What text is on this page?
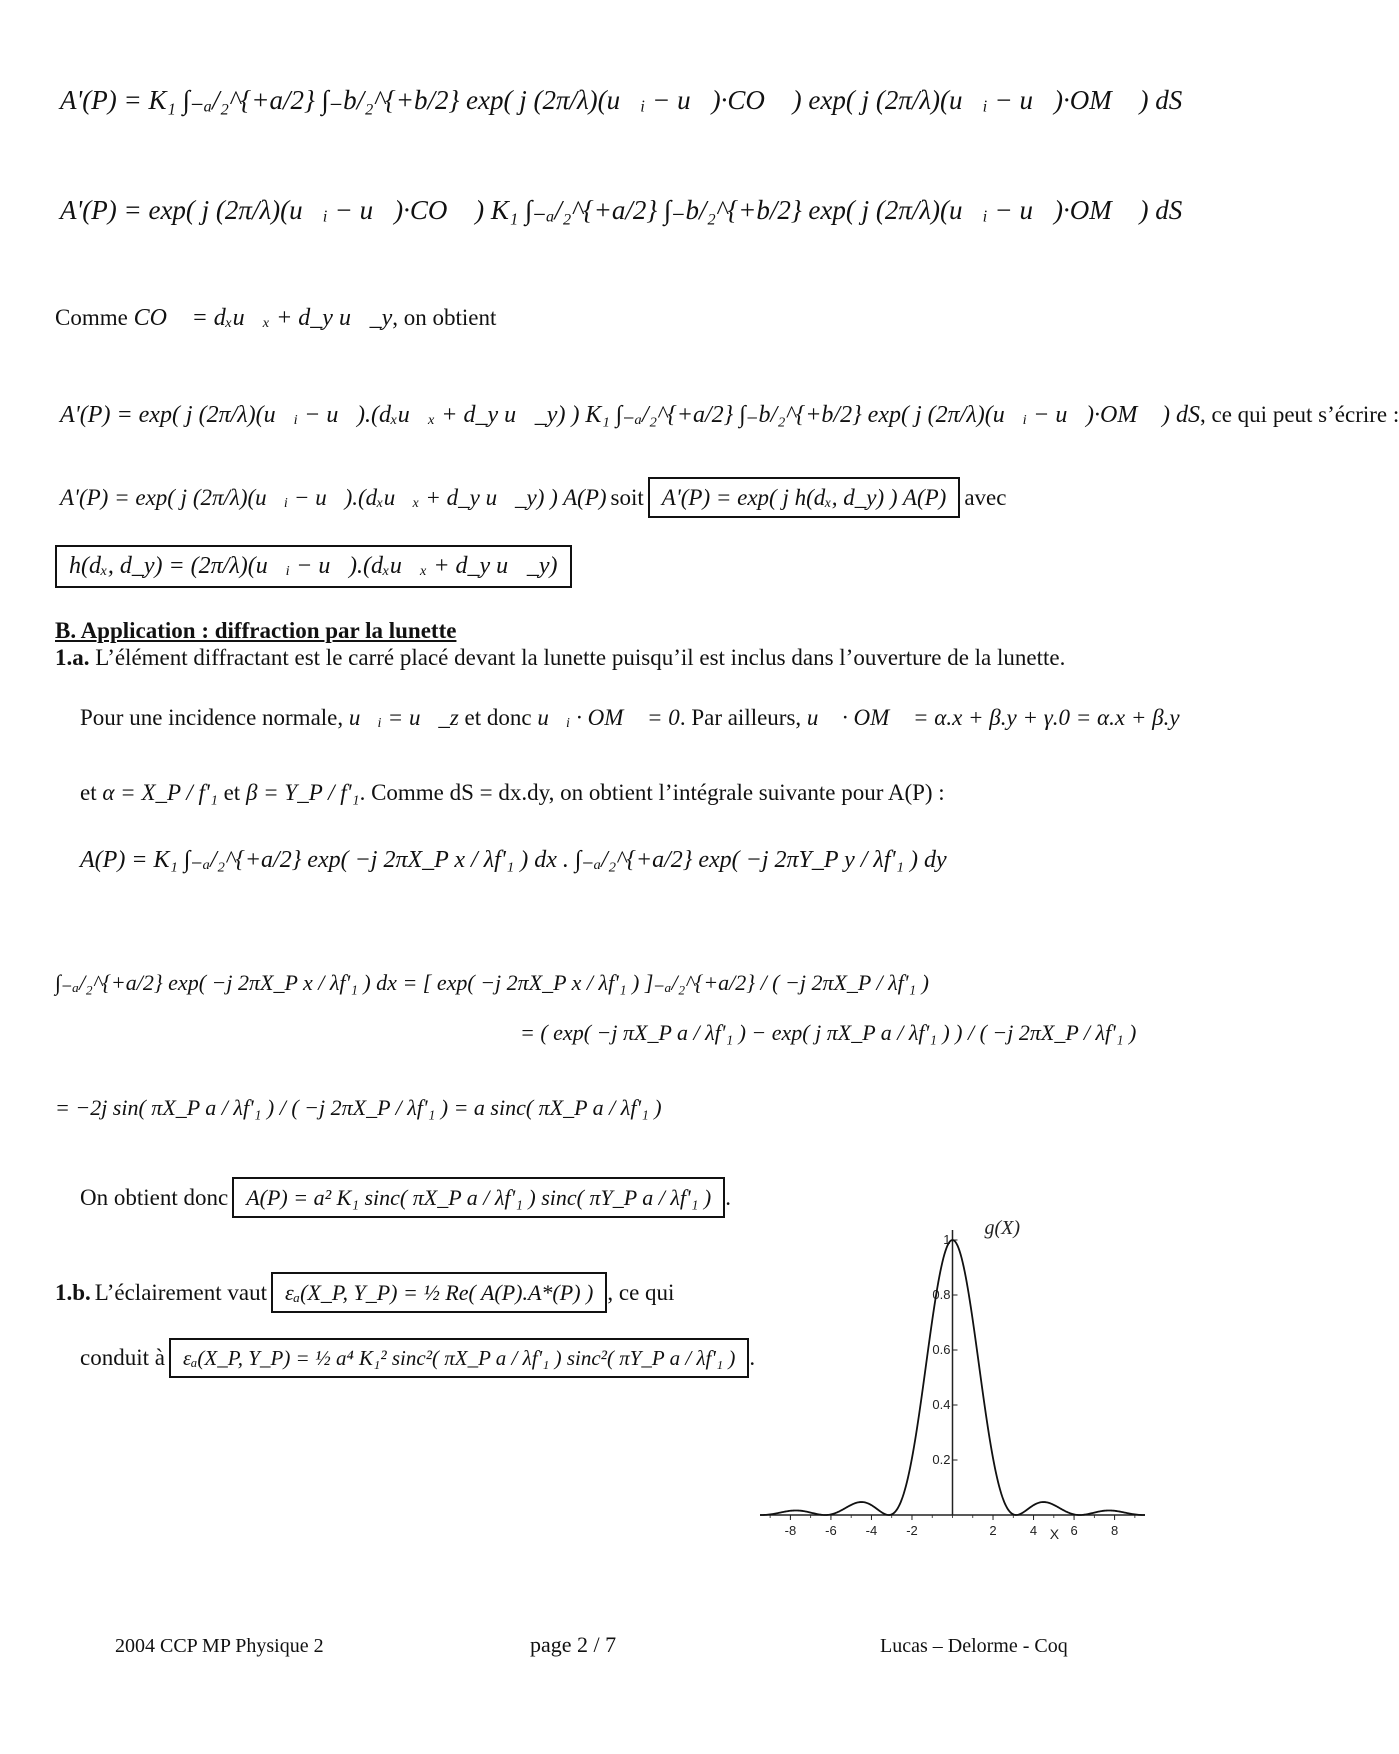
A'(P) = K₁ ∫₋ₐ/₂^{+a/2} ∫₋b/₂^{+b/2} exp( j (2π/λ)(u⃗ᵢ − u⃗)·CO⃗ ) exp( j (2π/λ)(u⃗ᵢ − u⃗)·OM⃗ ) dS
A'(P) = exp( j (2π/λ)(u⃗ᵢ − u⃗)·CO⃗ ) K₁ ∫₋ₐ/₂^{+a/2} ∫₋b/₂^{+b/2} exp( j (2π/λ)(u⃗ᵢ − u⃗)·OM⃗ ) dS
Comme CO⃗ = dₓu⃗ₓ + d_y u⃗_y, on obtient
A'(P) = exp( j (2π/λ)(u⃗ᵢ − u⃗).(dₓu⃗ₓ + d_y u⃗_y) ) K₁ ∫₋ₐ/₂^{+a/2} ∫₋b/₂^{+b/2} exp( j (2π/λ)(u⃗ᵢ − u⃗)·OM⃗ ) dS, ce qui peut s’écrire :
A'(P) = exp( j (2π/λ)(u⃗ᵢ − u⃗).(dₓu⃗ₓ + d_y u⃗_y) ) A(P) soit A'(P) = exp( j h(dₓ, d_y) ) A(P) avec
h(dₓ, d_y) = (2π/λ)(u⃗ᵢ − u⃗).(dₓu⃗ₓ + d_y u⃗_y)
B. Application : diffraction par la lunette
1.a. L’élément diffractant est le carré placé devant la lunette puisqu’il est inclus dans l’ouverture de la lunette.
Pour une incidence normale, u⃗ᵢ = u⃗_z et donc u⃗ᵢ · OM⃗ = 0. Par ailleurs, u⃗ · OM⃗ = α.x + β.y + γ.0 = α.x + β.y
et α = X_P / f'₁ et β = Y_P / f'₁. Comme dS = dx.dy, on obtient l’intégrale suivante pour A(P) :
A(P) = K₁ ∫₋ₐ/₂^{+a/2} exp( −j 2πX_P x / λf'₁ ) dx . ∫₋ₐ/₂^{+a/2} exp( −j 2πY_P y / λf'₁ ) dy
∫₋ₐ/₂^{+a/2} exp( −j 2πX_P x / λf'₁ ) dx = [ exp( −j 2πX_P x / λf'₁ ) ]₋ₐ/₂^{+a/2} / ( −j 2πX_P / λf'₁ )
= ( exp( −j πX_P a / λf'₁ ) − exp( j πX_P a / λf'₁ ) ) / ( −j 2πX_P / λf'₁ )
= −2j sin( πX_P a / λf'₁ ) / ( −j 2πX_P / λf'₁ ) = a sinc( πX_P a / λf'₁ )
On obtient donc A(P) = a² K₁ sinc( πX_P a / λf'₁ ) sinc( πY_P a / λf'₁ ) .
1.b. L’éclairement vaut εₐ(X_P, Y_P) = ½ Re( A(P).A*(P) ) , ce qui
conduit à εₐ(X_P, Y_P) = ½ a⁴ K₁² sinc²( πX_P a / λf'₁ ) sinc²( πY_P a / λf'₁ ) .
-8 -6 -4 -2	2	4	6	8
0.2
0.4
0.6
0.8
1
X
g(X)
2004 CCP MP Physique 2	page 2 / 7	Lucas – Delorme - Coq
